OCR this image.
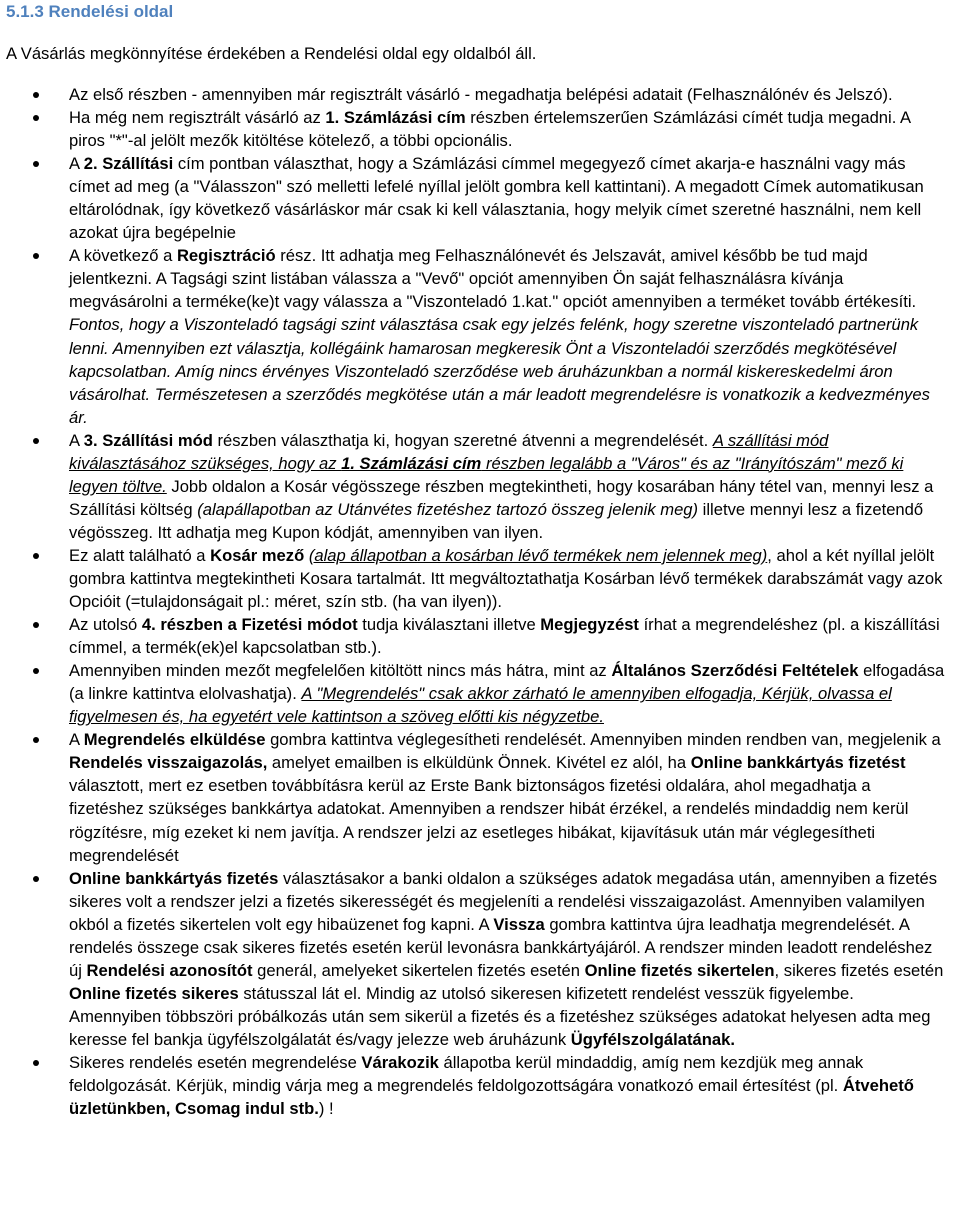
5.1.3 Rendelési oldal

A Vásárlás megkönnyítése érdekében a Rendelési oldal egy oldalból áll.

Az első részben - amennyiben már regisztrált vásárló - megadhatja belépési adatait (Felhasználónév és Jelszó).
Ha még nem regisztrált vásárló az 1. Számlázási cím részben értelemszerűen Számlázási címét tudja megadni. A piros "*"-al jelölt mezők kitöltése kötelező, a többi opcionális.
A 2. Szállítási cím pontban választhat, hogy a Számlázási címmel megegyező címet akarja-e használni vagy más címet ad meg (a "Válasszon" szó melletti lefelé nyíllal jelölt gombra kell kattintani). A megadott Címek automatikusan eltárolódnak, így következő vásárláskor már csak ki kell választania, hogy melyik címet szeretné használni, nem kell azokat újra begépelnie
A következő a Regisztráció rész. Itt adhatja meg Felhasználónevét és Jelszavát, amivel később be tud majd jelentkezni. A Tagsági szint listában válassza a "Vevő" opciót amennyiben Ön saját felhasználásra kívánja megvásárolni a terméke(ke)t vagy válassza a "Viszonteladó 1.kat." opciót amennyiben a terméket tovább értékesíti. Fontos, hogy a Viszonteladó tagsági szint választása csak egy jelzés felénk, hogy szeretne viszonteladó partnerünk lenni. Amennyiben ezt választja, kollégáink hamarosan megkeresik Önt a Viszonteladói szerződés megkötésével kapcsolatban. Amíg nincs érvényes Viszonteladó szerződése web áruházunkban a normál kiskereskedelmi áron vásárolhat. Természetesen a szerződés megkötése után a már leadott megrendelésre is vonatkozik a kedvezményes ár.
A 3. Szállítási mód részben választhatja ki, hogyan szeretné átvenni a megrendelését. A szállítási mód kiválasztásához szükséges, hogy az 1. Számlázási cím részben legalább a "Város" és az "Irányítószám" mező ki legyen töltve. Jobb oldalon a Kosár végösszege részben megtekintheti, hogy kosarában hány tétel van, mennyi lesz a Szállítási költség (alapállapotban az Utánvétes fizetéshez tartozó összeg jelenik meg) illetve mennyi lesz a fizetendő végösszeg. Itt adhatja meg Kupon kódját, amennyiben van ilyen.
Ez alatt található a Kosár mező (alap állapotban a kosárban lévő termékek nem jelennek meg), ahol a két nyíllal jelölt gombra kattintva megtekintheti Kosara tartalmát. Itt megváltoztathatja Kosárban lévő termékek darabszámát vagy azok Opcióit (=tulajdonságait pl.: méret, szín stb. (ha van ilyen)).
Az utolsó 4. részben a Fizetési módot tudja kiválasztani illetve Megjegyzést írhat a megrendeléshez (pl. a kiszállítási címmel, a termék(ek)el kapcsolatban stb.).
Amennyiben minden mezőt megfelelően kitöltött nincs más hátra, mint az Általános Szerződési Feltételek elfogadása (a linkre kattintva elolvashatja). A "Megrendelés" csak akkor zárható le amennyiben elfogadja, Kérjük, olvassa el figyelmesen és, ha egyetért vele kattintson a szöveg előtti kis négyzetbe.
A Megrendelés elküldése gombra kattintva véglegesítheti rendelését. Amennyiben minden rendben van, megjelenik a Rendelés visszaigazolás, amelyet emailben is elküldünk Önnek. Kivétel ez alól, ha Online bankkártyás fizetést választott, mert ez esetben továbbításra kerül az Erste Bank biztonságos fizetési oldalára, ahol megadhatja a fizetéshez szükséges bankkártya adatokat. Amennyiben a rendszer hibát érzékel, a rendelés mindaddig nem kerül rögzítésre, míg ezeket ki nem javítja. A rendszer jelzi az esetleges hibákat, kijavításuk után már véglegesítheti megrendelését
Online bankkártyás fizetés választásakor a banki oldalon a szükséges adatok megadása után, amennyiben a fizetés sikeres volt a rendszer jelzi a fizetés sikerességét és megjeleníti a rendelési visszaigazolást. Amennyiben valamilyen okból a fizetés sikertelen volt egy hibaüzenet fog kapni. A Vissza gombra kattintva újra leadhatja megrendelését. A rendelés összege csak sikeres fizetés esetén kerül levonásra bankkártyájáról. A rendszer minden leadott rendeléshez új Rendelési azonosítót generál, amelyeket sikertelen fizetés esetén Online fizetés sikertelen, sikeres fizetés esetén Online fizetés sikeres státusszal lát el. Mindig az utolsó sikeresen kifizetett rendelést vesszük figyelembe. Amennyiben többszöri próbálkozás után sem sikerül a fizetés és a fizetéshez szükséges adatokat helyesen adta meg keresse fel bankja ügyfélszolgálatát és/vagy jelezze web áruházunk Ügyfélszolgálatának.
Sikeres rendelés esetén megrendelése Várakozik állapotba kerül mindaddig, amíg nem kezdjük meg annak feldolgozását. Kérjük, mindig várja meg a megrendelés feldolgozottságára vonatkozó email értesítést (pl. Átvehető üzletünkben, Csomag indul stb.) !
